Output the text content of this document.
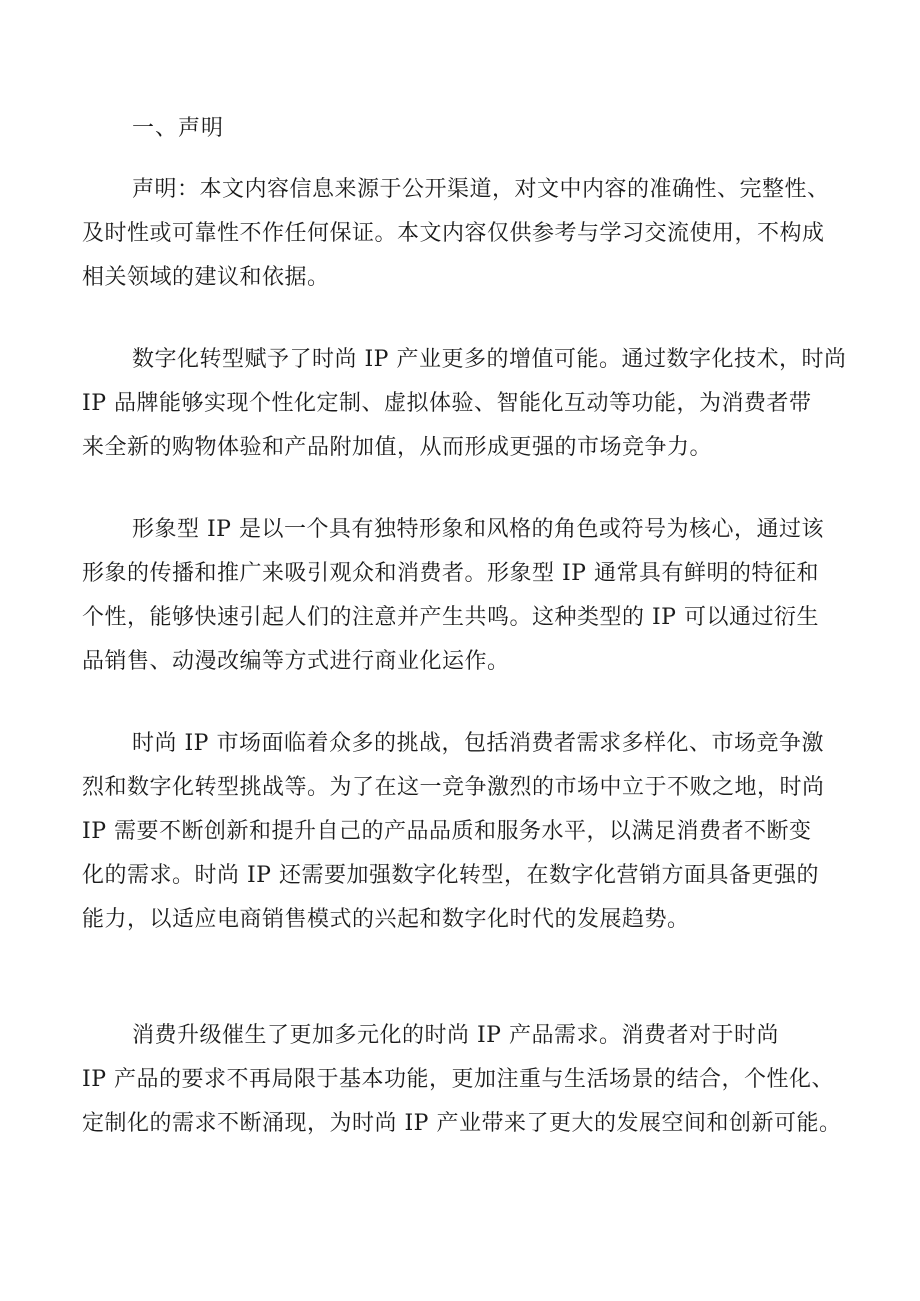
一、声明
声明：本文内容信息来源于公开渠道，对文中内容的准确性、完整性、
及时性或可靠性不作任何保证。本文内容仅供参考与学习交流使用，不构成
相关领域的建议和依据。
数字化转型赋予了时尚 IP 产业更多的增值可能。通过数字化技术，时尚
IP 品牌能够实现个性化定制、虚拟体验、智能化互动等功能，为消费者带
来全新的购物体验和产品附加值，从而形成更强的市场竞争力。
形象型 IP 是以一个具有独特形象和风格的角色或符号为核心，通过该
形象的传播和推广来吸引观众和消费者。形象型 IP 通常具有鲜明的特征和
个性，能够快速引起人们的注意并产生共鸣。这种类型的 IP 可以通过衍生
品销售、动漫改编等方式进行商业化运作。
时尚 IP 市场面临着众多的挑战，包括消费者需求多样化、市场竞争激
烈和数字化转型挑战等。为了在这一竞争激烈的市场中立于不败之地，时尚
IP 需要不断创新和提升自己的产品品质和服务水平，以满足消费者不断变
化的需求。时尚 IP 还需要加强数字化转型，在数字化营销方面具备更强的
能力，以适应电商销售模式的兴起和数字化时代的发展趋势。
消费升级催生了更加多元化的时尚 IP 产品需求。消费者对于时尚
IP 产品的要求不再局限于基本功能，更加注重与生活场景的结合，个性化、
定制化的需求不断涌现，为时尚 IP 产业带来了更大的发展空间和创新可能。
